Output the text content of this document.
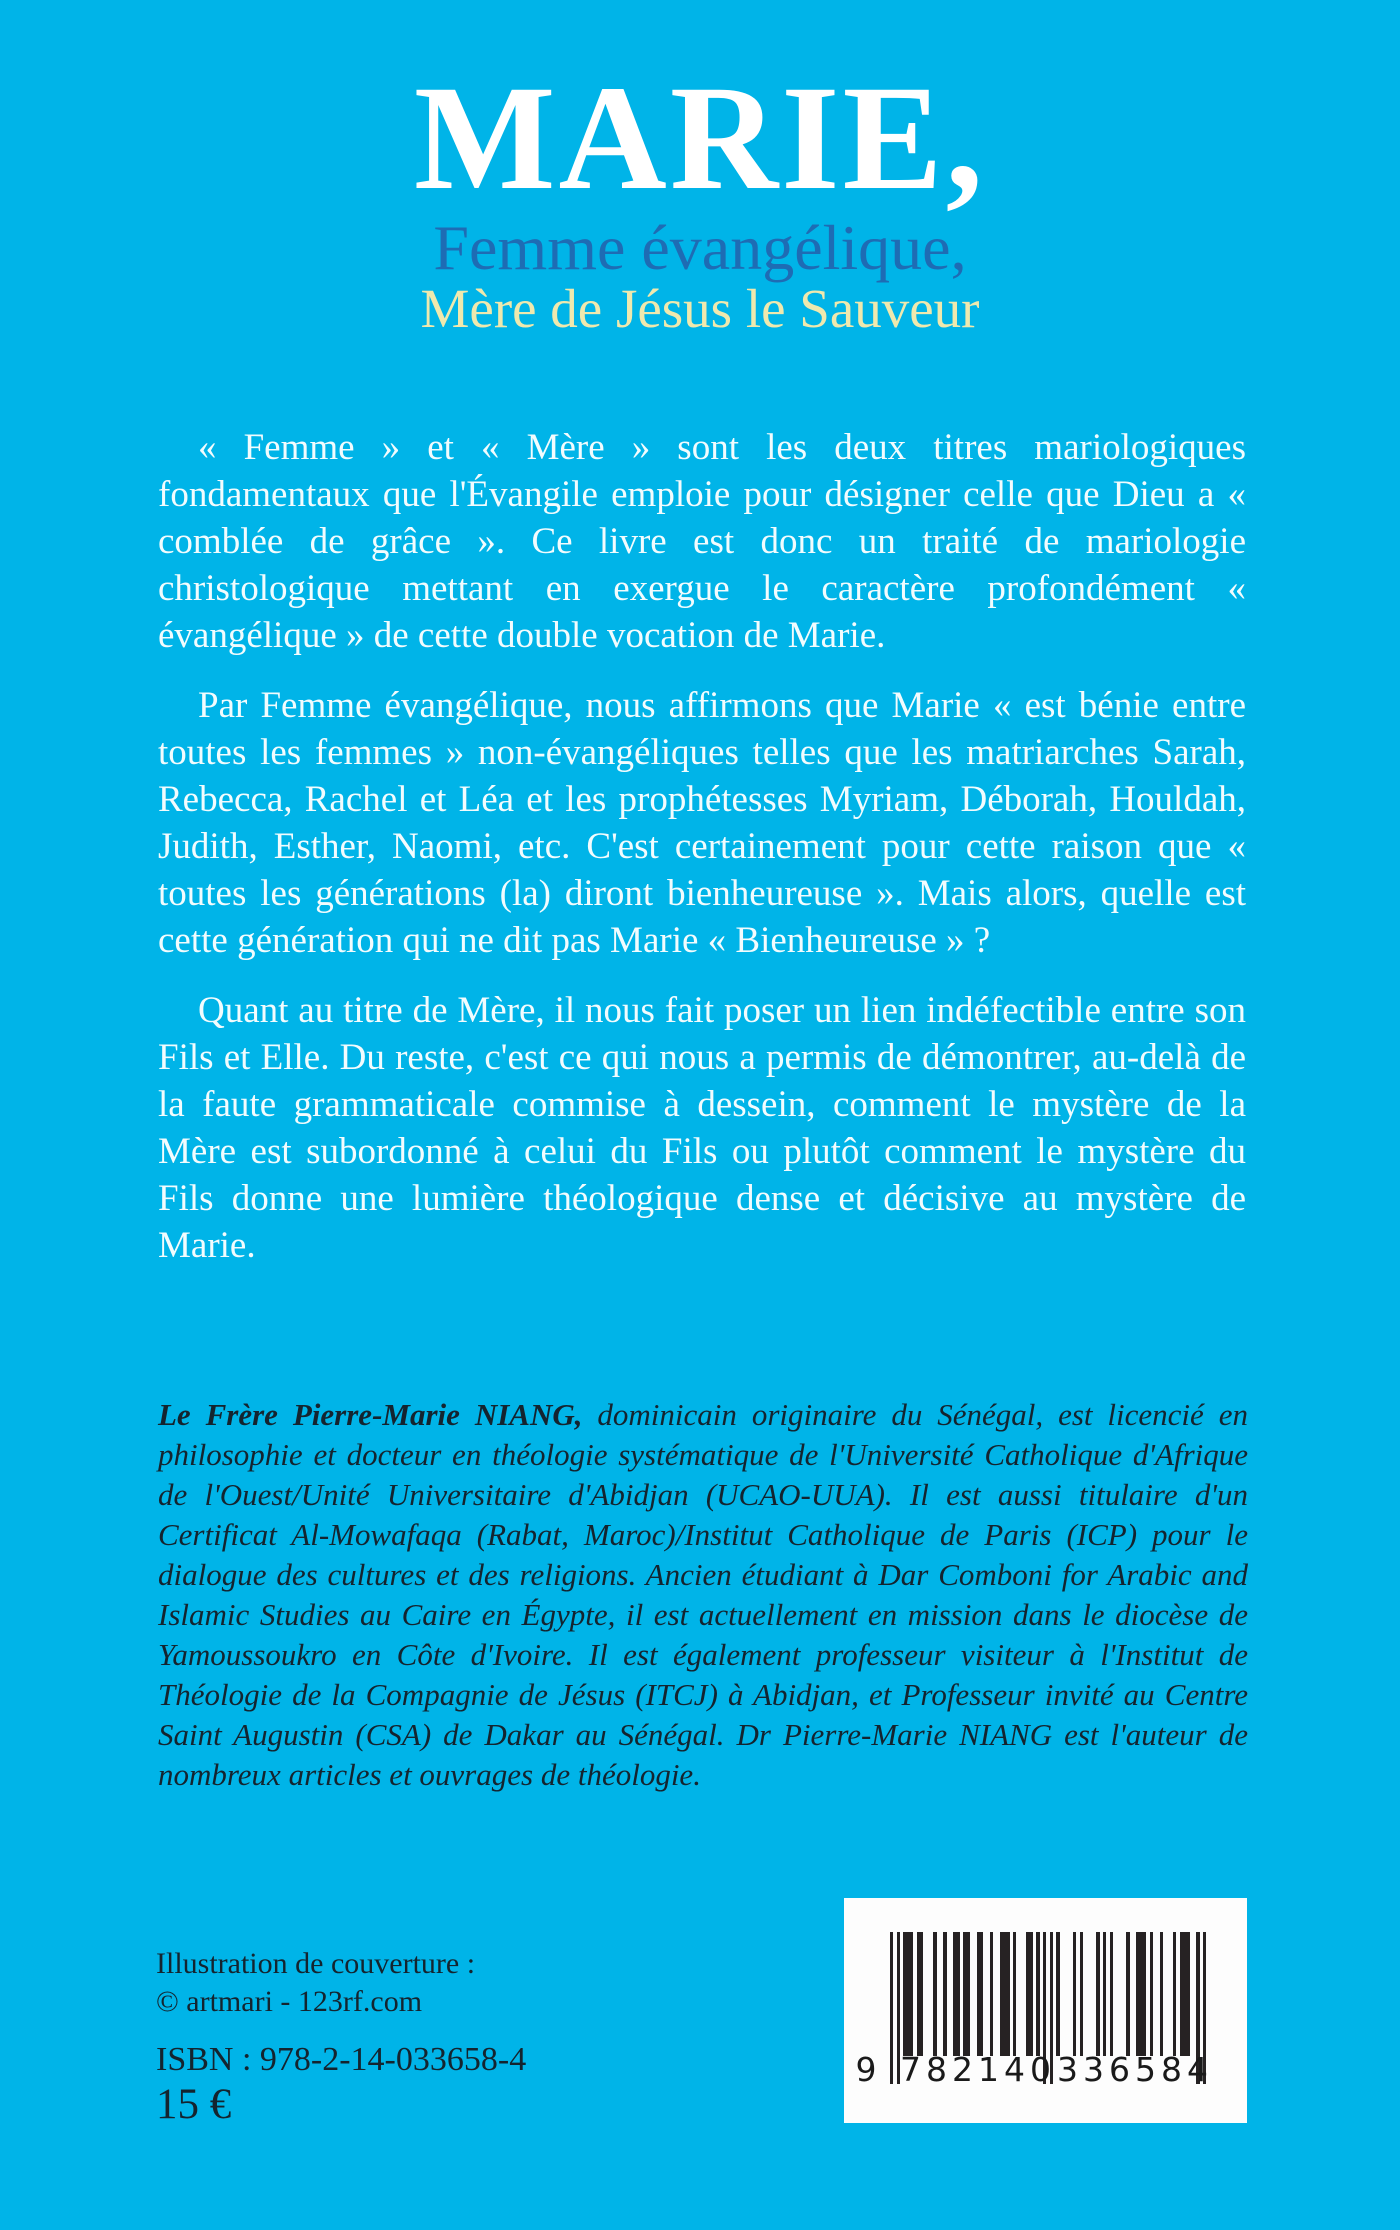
MARIE,
Femme évangélique,
Mère de Jésus le Sauveur

« Femme » et « Mère » sont les deux titres mariologiques fondamentaux que l'Évangile emploie pour désigner celle que Dieu a « comblée de grâce ». Ce livre est donc un traité de mariologie christologique mettant en exergue le caractère profondément « évangélique » de cette double vocation de Marie.

Par Femme évangélique, nous affirmons que Marie « est bénie entre toutes les femmes » non-évangéliques telles que les matriarches Sarah, Rebecca, Rachel et Léa et les prophétesses Myriam, Déborah, Houldah, Judith, Esther, Naomi, etc. C'est certainement pour cette raison que « toutes les générations (la) diront bienheureuse ». Mais alors, quelle est cette génération qui ne dit pas Marie « Bienheureuse » ?

Quant au titre de Mère, il nous fait poser un lien indéfectible entre son Fils et Elle. Du reste, c'est ce qui nous a permis de démontrer, au-delà de la faute grammaticale commise à dessein, comment le mystère de la Mère est subordonné à celui du Fils ou plutôt comment le mystère du Fils donne une lumière théologique dense et décisive au mystère de Marie.

Le Frère Pierre-Marie NIANG, dominicain originaire du Sénégal, est licencié en philosophie et docteur en théologie systématique de l'Université Catholique d'Afrique de l'Ouest/Unité Universitaire d'Abidjan (UCAO-UUA). Il est aussi titulaire d'un Certificat Al-Mowafaqa (Rabat, Maroc)/Institut Catholique de Paris (ICP) pour le dialogue des cultures et des religions. Ancien étudiant à Dar Comboni for Arabic and Islamic Studies au Caire en Égypte, il est actuellement en mission dans le diocèse de Yamoussoukro en Côte d'Ivoire. Il est également professeur visiteur à l'Institut de Théologie de la Compagnie de Jésus (ITCJ) à Abidjan, et Professeur invité au Centre Saint Augustin (CSA) de Dakar au Sénégal. Dr Pierre-Marie NIANG est l'auteur de nombreux articles et ouvrages de théologie.
Illustration de couverture :
© artmari - 123rf.com
ISBN : 978-2-14-033658-4
15 €
9 782140 336584
